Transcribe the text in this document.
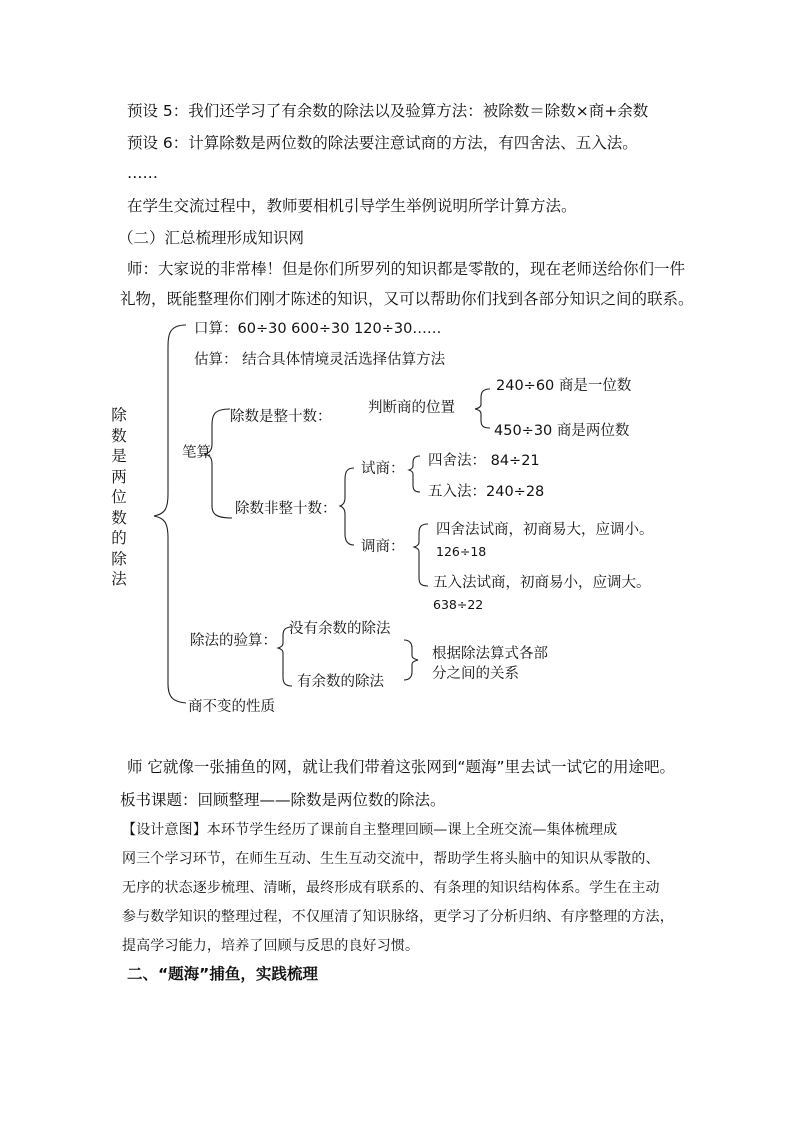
预设 5：我们还学习了有余数的除法以及验算方法：被除数＝除数×商+余数
预设 6：计算除数是两位数的除法要注意试商的方法，有四舍法、五入法。
……
在学生交流过程中，教师要相机引导学生举例说明所学计算方法。
（二）汇总梳理形成知识网
师：大家说的非常棒！但是你们所罗列的知识都是零散的，现在老师送给你们一件
礼物，既能整理你们刚才陈述的知识，又可以帮助你们找到各部分知识之间的联系。
除
数
是
两
位
数
的
除
法
口算：60÷30 600÷30 120÷30……
估算： 结合具体情境灵活选择估算方法
笔算
除数是整十数：
判断商的位置
240÷60 商是一位数
450÷30 商是两位数
除数非整十数：
试商： 四舍法： 84÷21
五入法：240÷28
调商：
四舍法试商，初商易大，应调小。
126÷18
五入法试商，初商易小，应调大。
638÷22
除法的验算：
没有余数的除法
有余数的除法
根据除法算式各部
分之间的关系
商不变的性质
师 它就像一张捕鱼的网，就让我们带着这张网到“题海”里去试一试它的用途吧。
板书课题：回顾整理——除数是两位数的除法。
【设计意图】本环节学生经历了课前自主整理回顾—课上全班交流—集体梳理成
网三个学习环节，在师生互动、生生互动交流中，帮助学生将头脑中的知识从零散的、
无序的状态逐步梳理、清晰，最终形成有联系的、有条理的知识结构体系。学生在主动
参与数学知识的整理过程，不仅厘清了知识脉络，更学习了分析归纳、有序整理的方法，
提高学习能力，培养了回顾与反思的良好习惯。
二、“题海”捕鱼，实践梳理
